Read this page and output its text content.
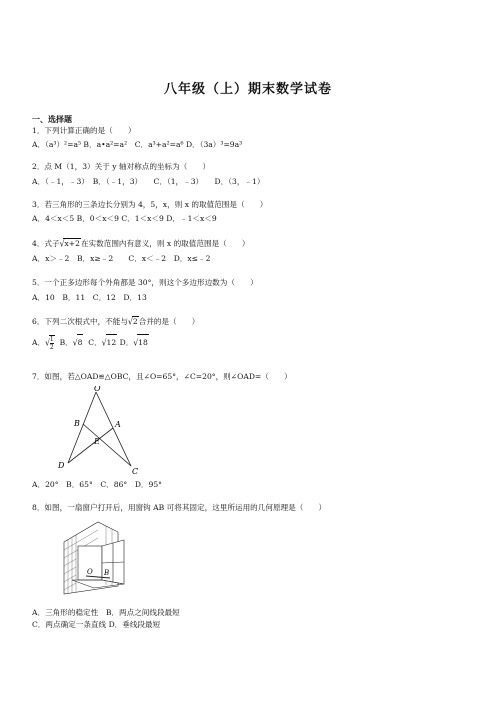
八年级（上）期末数学试卷
一、选择题
1．下列计算正确的是（　　）
A．（a³）²=a⁵ B．a•a²=a²　C．a³+a²=a⁶ D．（3a）³=9a³
2．点 M（1，3）关于 y 轴对称点的坐标为（　　）
A．（﹣1，﹣3）　B．（﹣1，3）　　C．（1，﹣3）　　D．（3，﹣1）
3．若三角形的三条边长分别为 4，5，x，则 x 的取值范围是（　　）
A．4＜x＜5 B．0＜x＜9 C．1＜x＜9 D．﹣1＜x＜9
4．式子√x+2在实数范围内有意义，则 x 的取值范围是（　　）
A．x＞﹣2　B．x≥﹣2　　C．x＜﹣2　D．x≤﹣2
5．一个正多边形每个外角都是 30°，则这个多边形边数为（　　）
A．10　B．11　C．12　D．13
6．下列二次根式中，不能与√2合并的是（　　）
A．√ $\frac{1}{2}$ B．√8 C．√12 D．√18
7．如图，若△OAD≌△OBC，且∠O=65°，∠C=20°，则∠OAD=（　　）
O
B	A
E
D
C
A．20°　B．65°　C．86°　D．95°
8．如图，一扇窗户打开后，用窗钩 AB 可将其固定，这里所运用的几何原理是（　　）
O B
A．三角形的稳定性　B．两点之间线段最短
C．两点确定一条直线 D．垂线段最短
